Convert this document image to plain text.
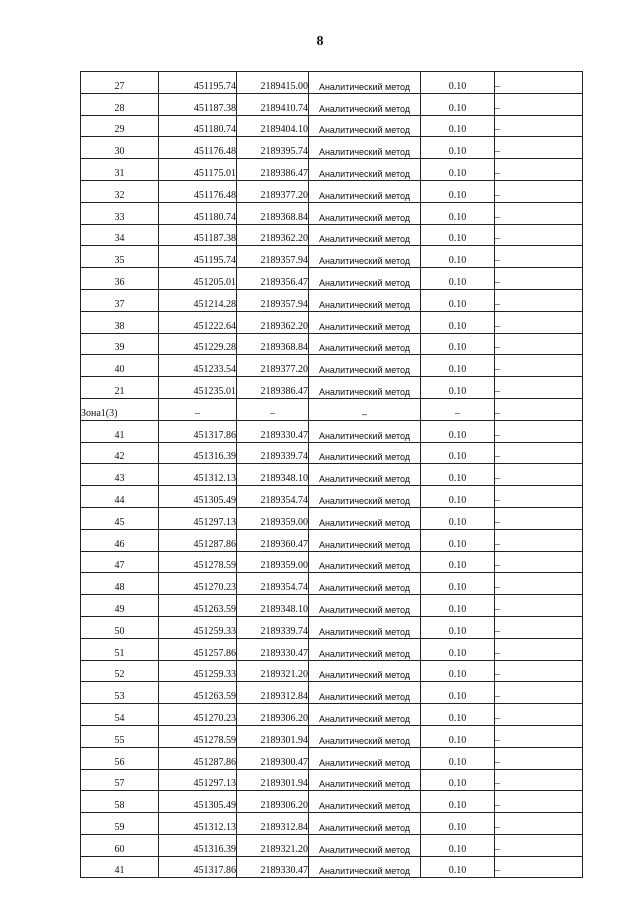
8
27	451195.74	2189415.00	Аналитический метод	0.10	–
28	451187.38	2189410.74	Аналитический метод	0.10	–
29	451180.74	2189404.10	Аналитический метод	0.10	–
30	451176.48	2189395.74	Аналитический метод	0.10	–
31	451175.01	2189386.47	Аналитический метод	0.10	–
32	451176.48	2189377.20	Аналитический метод	0.10	–
33	451180.74	2189368.84	Аналитический метод	0.10	–
34	451187.38	2189362.20	Аналитический метод	0.10	–
35	451195.74	2189357.94	Аналитический метод	0.10	–
36	451205.01	2189356.47	Аналитический метод	0.10	–
37	451214.28	2189357.94	Аналитический метод	0.10	–
38	451222.64	2189362.20	Аналитический метод	0.10	–
39	451229.28	2189368.84	Аналитический метод	0.10	–
40	451233.54	2189377.20	Аналитический метод	0.10	–
21	451235.01	2189386.47	Аналитический метод	0.10	–
Зона1(3)	–	–	–	–	–
41	451317.86	2189330.47	Аналитический метод	0.10	–
42	451316.39	2189339.74	Аналитический метод	0.10	–
43	451312.13	2189348.10	Аналитический метод	0.10	–
44	451305.49	2189354.74	Аналитический метод	0.10	–
45	451297.13	2189359.00	Аналитический метод	0.10	–
46	451287.86	2189360.47	Аналитический метод	0.10	–
47	451278.59	2189359.00	Аналитический метод	0.10	–
48	451270.23	2189354.74	Аналитический метод	0.10	–
49	451263.59	2189348.10	Аналитический метод	0.10	–
50	451259.33	2189339.74	Аналитический метод	0.10	–
51	451257.86	2189330.47	Аналитический метод	0.10	–
52	451259.33	2189321.20	Аналитический метод	0.10	–
53	451263.59	2189312.84	Аналитический метод	0.10	–
54	451270.23	2189306.20	Аналитический метод	0.10	–
55	451278.59	2189301.94	Аналитический метод	0.10	–
56	451287.86	2189300.47	Аналитический метод	0.10	–
57	451297.13	2189301.94	Аналитический метод	0.10	–
58	451305.49	2189306.20	Аналитический метод	0.10	–
59	451312.13	2189312.84	Аналитический метод	0.10	–
60	451316.39	2189321.20	Аналитический метод	0.10	–
41	451317.86	2189330.47	Аналитический метод	0.10	–
